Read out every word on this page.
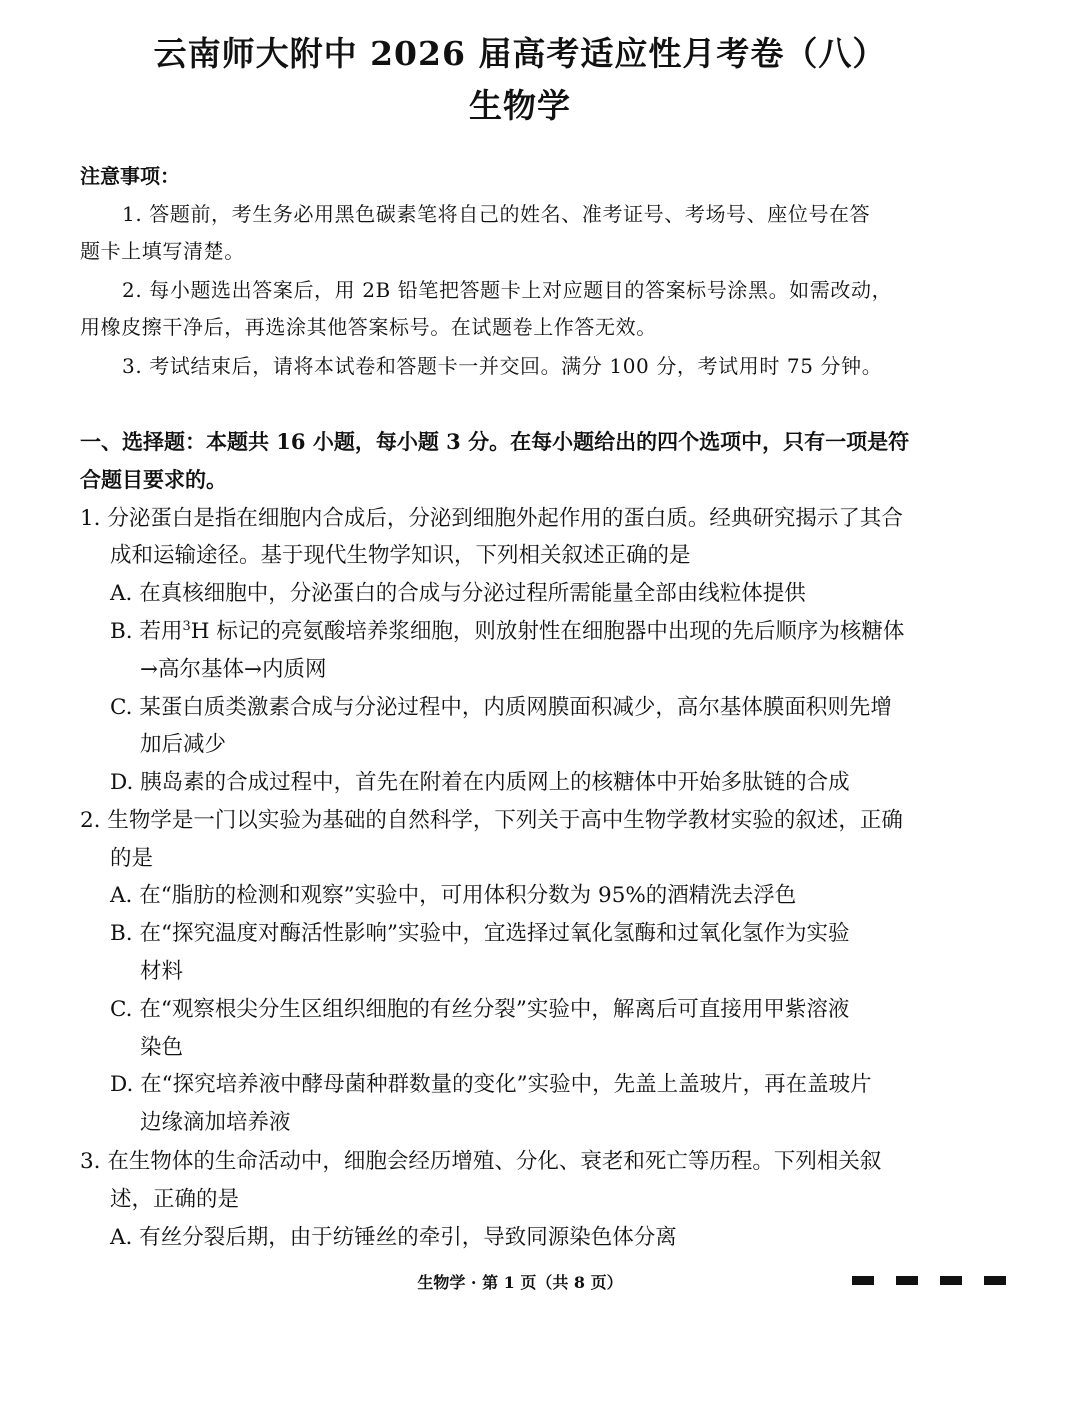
云南师大附中 2026 届高考适应性月考卷（八）
生物学
注意事项：
1. 答题前，考生务必用黑色碳素笔将自己的姓名、准考证号、考场号、座位号在答
题卡上填写清楚。
2. 每小题选出答案后，用 2B 铅笔把答题卡上对应题目的答案标号涂黑。如需改动，
用橡皮擦干净后，再选涂其他答案标号。在试题卷上作答无效。
3. 考试结束后，请将本试卷和答题卡一并交回。满分 100 分，考试用时 75 分钟。
一、选择题：本题共 16 小题，每小题 3 分。在每小题给出的四个选项中，只有一项是符
合题目要求的。
1. 分泌蛋白是指在细胞内合成后，分泌到细胞外起作用的蛋白质。经典研究揭示了其合
成和运输途径。基于现代生物学知识，下列相关叙述正确的是
A. 在真核细胞中，分泌蛋白的合成与分泌过程所需能量全部由线粒体提供
B. 若用$^3$H 标记的亮氨酸培养浆细胞，则放射性在细胞器中出现的先后顺序为核糖体
→高尔基体→内质网
C. 某蛋白质类激素合成与分泌过程中，内质网膜面积减少，高尔基体膜面积则先增
加后减少
D. 胰岛素的合成过程中，首先在附着在内质网上的核糖体中开始多肽链的合成
2. 生物学是一门以实验为基础的自然科学，下列关于高中生物学教材实验的叙述，正确
的是
A. 在“脂肪的检测和观察”实验中，可用体积分数为 95%的酒精洗去浮色
B. 在“探究温度对酶活性影响”实验中，宜选择过氧化氢酶和过氧化氢作为实验
材料
C. 在“观察根尖分生区组织细胞的有丝分裂”实验中，解离后可直接用甲紫溶液
染色
D. 在“探究培养液中酵母菌种群数量的变化”实验中，先盖上盖玻片，再在盖玻片
边缘滴加培养液
3. 在生物体的生命活动中，细胞会经历增殖、分化、衰老和死亡等历程。下列相关叙
述，正确的是
A. 有丝分裂后期，由于纺锤丝的牵引，导致同源染色体分离
生物学 · 第 1 页（共 8 页）
